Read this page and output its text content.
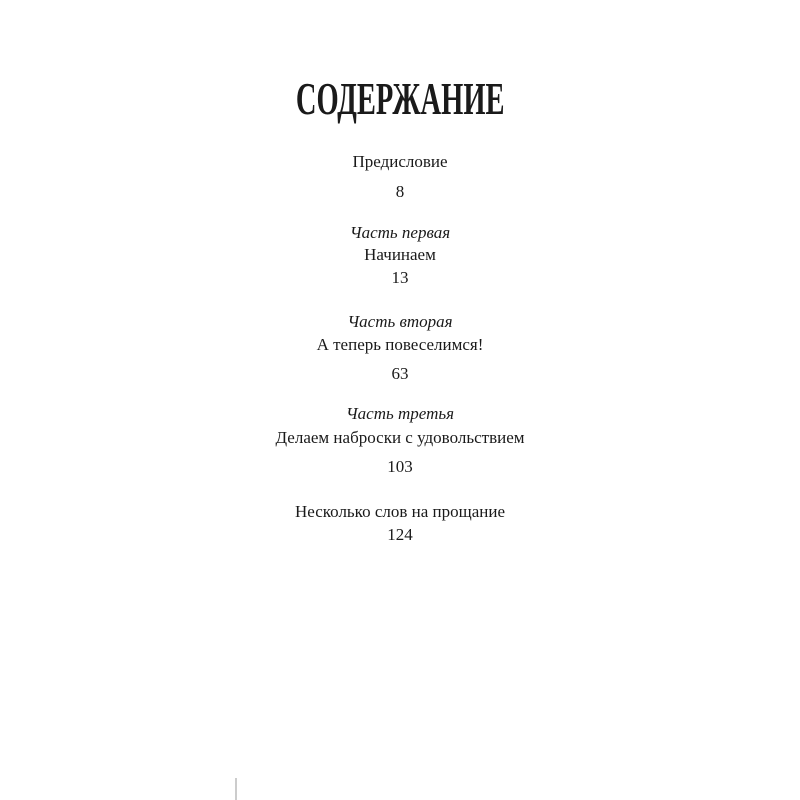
СОДЕРЖАНИЕ
Предисловие
8
Часть первая
Начинаем
13
Часть вторая
А теперь повеселимся!
63
Часть третья
Делаем наброски с удовольствием
103
Несколько слов на прощание
124
